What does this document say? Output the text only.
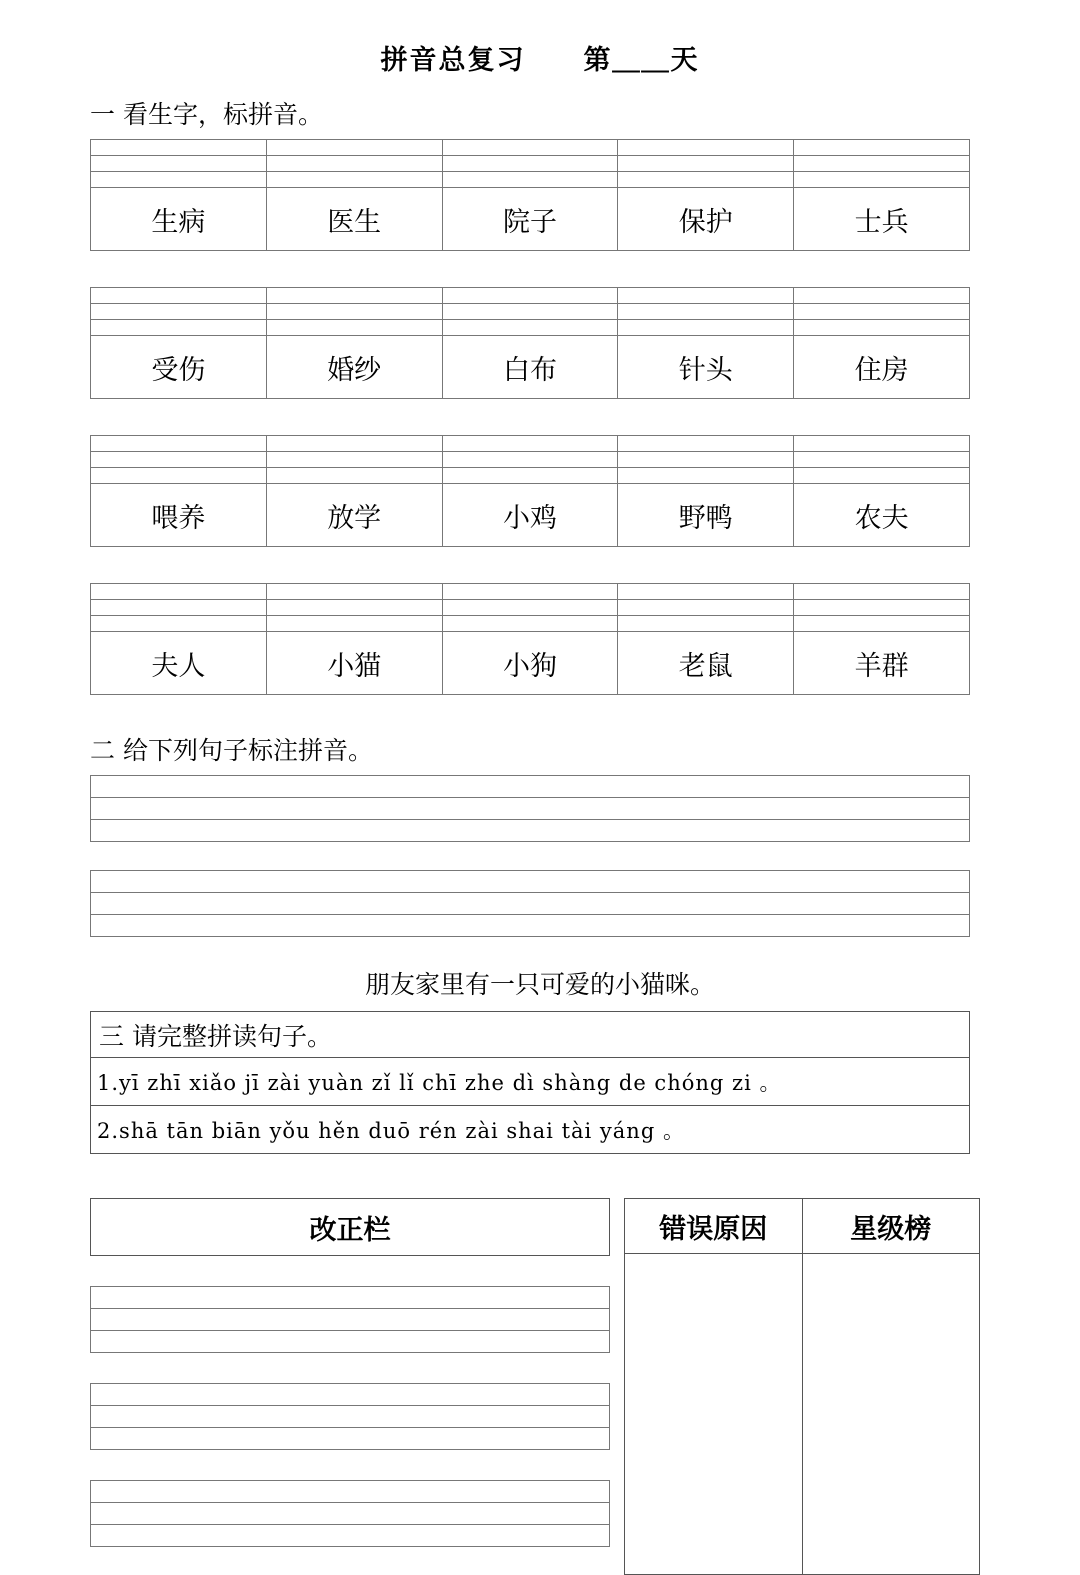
拼音总复习　　第＿＿天
一 看生字，标拼音。

生病	医生	院子	保护	士兵

受伤	婚纱	白布	针头	住房

喂养	放学	小鸡	野鸭	农夫

夫人	小猫	小狗	老鼠	羊群
二 给下列句子标注拼音。

朋友家里有一只可爱的小猫咪。
三 请完整拼读句子。

1.yī zhī xiǎo jī zài yuàn zǐ lǐ chī zhe dì shàng de chóng zi 。

2.shā tān biān yǒu hěn duō rén zài shai tài yáng 。
改正栏	错误原因	星级榜
